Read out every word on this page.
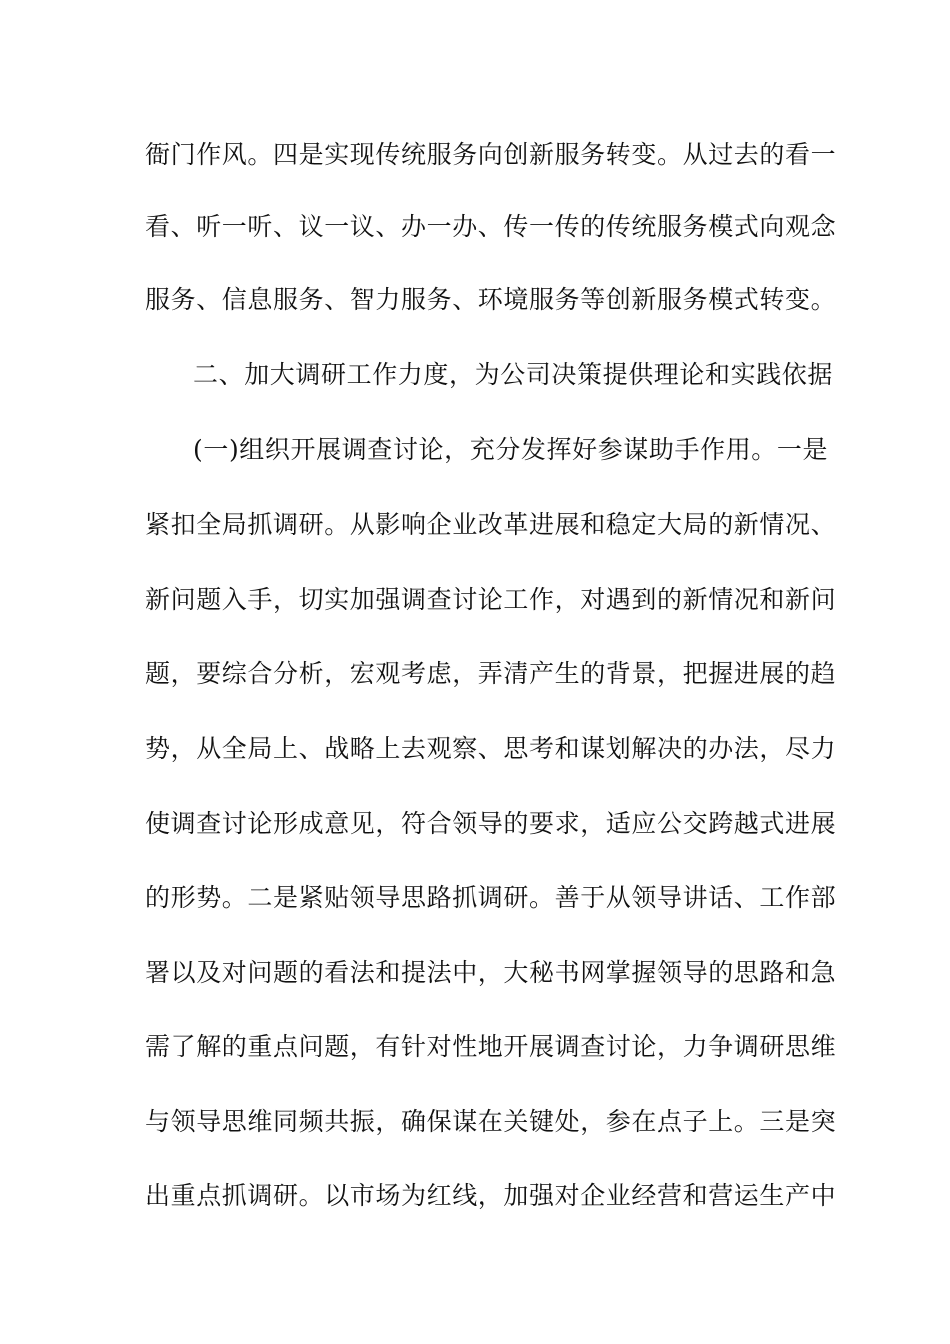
衙门作风。四是实现传统服务向创新服务转变。从过去的看一
看、听一听、议一议、办一办、传一传的传统服务模式向观念
服务、信息服务、智力服务、环境服务等创新服务模式转变。
二、加大调研工作力度，为公司决策提供理论和实践依据
(一)组织开展调查讨论，充分发挥好参谋助手作用。一是
紧扣全局抓调研。从影响企业改革进展和稳定大局的新情况、
新问题入手，切实加强调查讨论工作，对遇到的新情况和新问
题，要综合分析，宏观考虑，弄清产生的背景，把握进展的趋
势，从全局上、战略上去观察、思考和谋划解决的办法，尽力
使调查讨论形成意见，符合领导的要求，适应公交跨越式进展
的形势。二是紧贴领导思路抓调研。善于从领导讲话、工作部
署以及对问题的看法和提法中，大秘书网掌握领导的思路和急
需了解的重点问题，有针对性地开展调查讨论，力争调研思维
与领导思维同频共振，确保谋在关键处，参在点子上。三是突
出重点抓调研。以市场为红线，加强对企业经营和营运生产中
